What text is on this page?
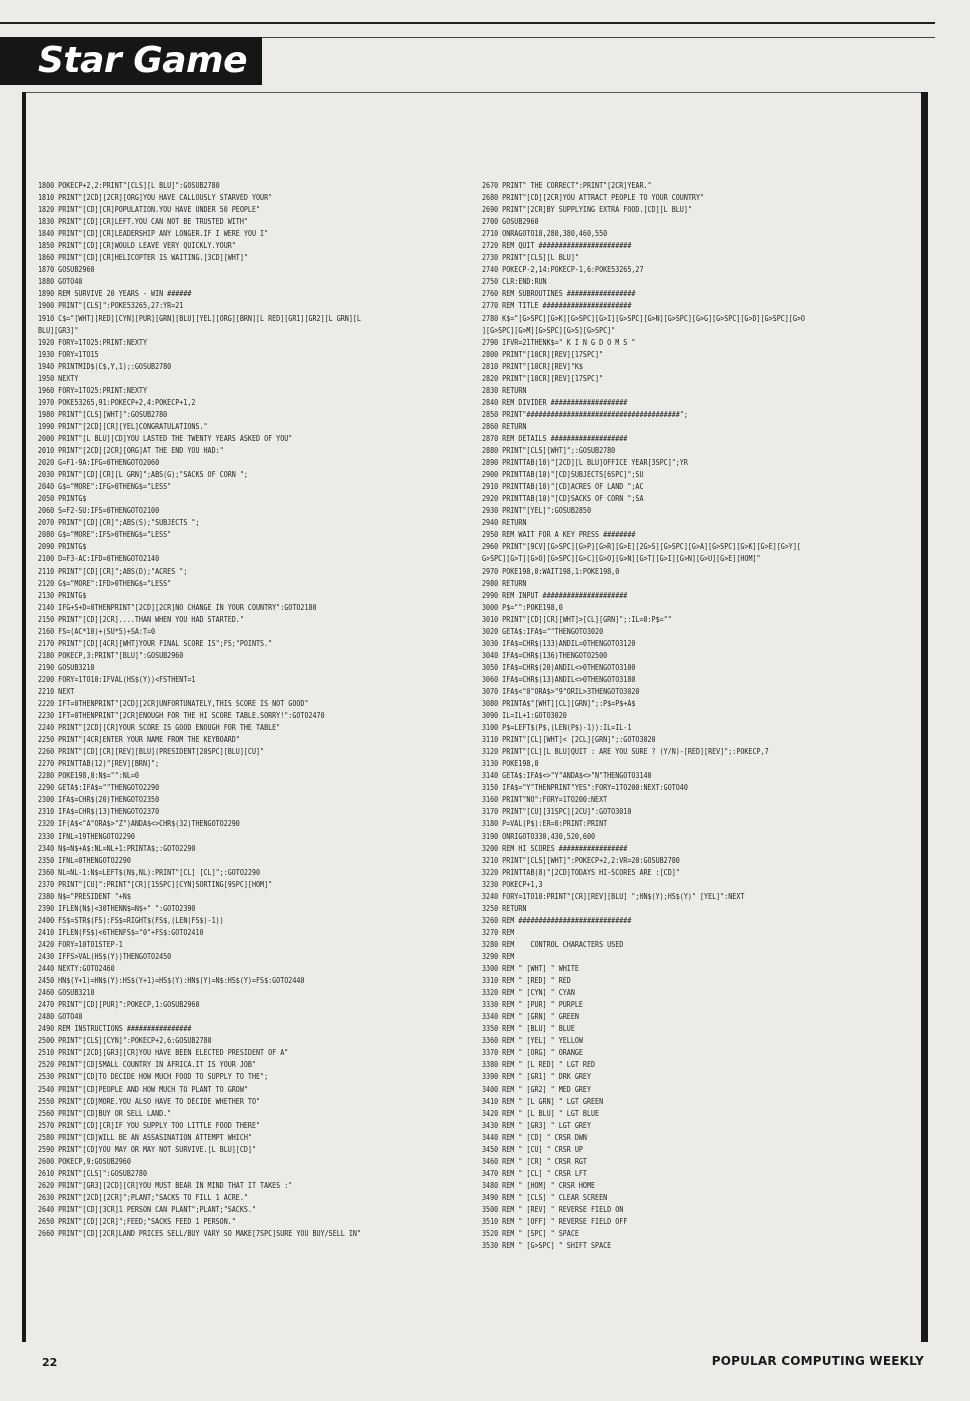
Star Game
1800 POKECP+2,2:PRINT"[CLS][L BLU]":GOSUB2780
1810 PRINT"[2CD][2CR][ORG]YOU HAVE CALLOUSLY STARVED YOUR"
1820 PRINT"[CD][CR]POPULATION.YOU HAVE UNDER 50 PEOPLE"
1830 PRINT"[CD][CR]LEFT.YOU CAN NOT BE TRUSTED WITH"
1840 PRINT"[CD][CR]LEADERSHIP ANY LONGER.IF I WERE YOU I"
1850 PRINT"[CD][CR]WOULD LEAVE VERY QUICKLY.YOUR"
1860 PRINT"[CD][CR]HELICOPTER IS WAITING.[3CD][WHT]"
1870 GOSUB2960
1880 GOTO40
1890 REM SURVIVE 20 YEARS - WIN ######
1900 PRINT"[CLS]":POKE53265,27:YR=21
1910 C$="[WHT][RED][CYN][PUR][GRN][BLU][YEL][ORG][BRN][L RED][GR1][GR2][L GRN][L
BLU][GR3]"
1920 FORY=1TO25:PRINT:NEXTY
1930 FORY=1TO15
1940 PRINTMID$(C$,Y,1);:GOSUB2780
1950 NEXTY
1960 FORY=1TO25:PRINT:NEXTY
1970 POKE53265,91:POKECP+2,4:POKECP+1,2
1980 PRINT"[CLS][WHT]":GOSUB2780
1990 PRINT"[2CD][CR][YEL]CONGRATULATIONS."
2000 PRINT"[L BLU][CD]YOU LASTED THE TWENTY YEARS ASKED OF YOU"
2010 PRINT"[2CD][2CR][ORG]AT THE END YOU HAD:"
2020 G=F1-9A:IFG=0THENGOTO2060
2030 PRINT"[CD][CR][L GRN]";ABS(G);"SACKS OF CORN ";
2040 G$="MORE":IFG>0THENG$="LESS"
2050 PRINTG$
2060 S=F2-SU:IFS=0THENGOTO2100
2070 PRINT"[CD][CR]";ABS(S);"SUBJECTS ";
2080 G$="MORE":IFS>0THENG$="LESS"
2090 PRINTG$
2100 D=F3-AC:IFD=0THENGOTO2140
2110 PRINT"[CD][CR]";ABS(D);"ACRES ";
2120 G$="MORE":IFD>0THENG$="LESS"
2130 PRINTG$
2140 IFG+S+D=0THENPRINT"[2CD][2CR]NO CHANGE IN YOUR COUNTRY":GOTO2180
2150 PRINT"[CD][2CR]....THAN WHEN YOU HAD STARTED."
2160 FS=(AC*10)+(SU*5)+SA:T=0
2170 PRINT"[CD][4CR][WHT]YOUR FINAL SCORE IS";FS;"POINTS."
2180 POKECP,3:PRINT"[BLU]":GOSUB2960
2190 GOSUB3210
2200 FORY=1TO10:IFVAL(HS$(Y))<FSTHENT=1
2210 NEXT
2220 IFT=0THENPRINT"[2CD][2CR]UNFORTUNATELY,THIS SCORE IS NOT GOOD"
2230 IFT=0THENPRINT"[2CR]ENOUGH FOR THE HI SCORE TABLE.SORRY!":GOTO2470
2240 PRINT"[2CD][CR]YOUR SCORE IS GOOD ENOUGH FOR THE TABLE"
2250 PRINT"[4CR]ENTER YOUR NAME FROM THE KEYBOARD"
2260 PRINT"[CD][CR][REV][BLU](PRESIDENT[20SPC][BLU][CU]"
2270 PRINTTAB(12)"[REV][BRN]";
2280 POKE198,0:N$="":NL=0
2290 GETA$:IFA$=""THENGOTO2290
2300 IFA$=CHR$(20)THENGOTO2350
2310 IFA$=CHR$(13)THENGOTO2370
2320 IF(A$<"A"ORA$>"Z")ANDA$<>CHR$(32)THENGOTO2290
2330 IFNL=19THENGOTO2290
2340 N$=N$+A$:NL=NL+1:PRINTA$;:GOTO2290
2350 IFNL=0THENGOTO2290
2360 NL=NL-1:N$=LEFT$(N$,NL):PRINT"[CL] [CL]";:GOTO2290
2370 PRINT"[CU]":PRINT"[CR][15SPC][CYN]SORTING[9SPC][HOM]"
2380 N$="PRESIDENT "+N$
2390 IFLEN(N$)<30THENN$=N$+" ":GOTO2390
2400 FS$=STR$(FS):FS$=RIGHT$(FS$,(LEN(FS$)-1))
2410 IFLEN(FS$)<6THENFS$="0"+FS$:GOTO2410
2420 FORY=10TO1STEP-1
2430 IFFS>VAL(HS$(Y))THENGOTO2450
2440 NEXTY:GOTO2460
2450 HN$(Y+1)=HN$(Y):HS$(Y+1)=HS$(Y):HN$(Y)=N$:HS$(Y)=FS$:GOTO2440
2460 GOSUB3210
2470 PRINT"[CD][PUR]":POKECP,1:GOSUB2960
2480 GOTO40
2490 REM INSTRUCTIONS ################
2500 PRINT"[CLS][CYN]":POKECP+2,6:GOSUB2780
2510 PRINT"[2CD][GR3][CR]YOU HAVE BEEN ELECTED PRESIDENT OF A"
2520 PRINT"[CD]SMALL COUNTRY IN AFRICA.IT IS YOUR JOB"
2530 PRINT"[CD]TO DECIDE HOW MUCH FOOD TO SUPPLY TO THE";
2540 PRINT"[CD]PEOPLE AND HOW MUCH TO PLANT TO GROW"
2550 PRINT"[CD]MORE.YOU ALSO HAVE TO DECIDE WHETHER TO"
2560 PRINT"[CD]BUY OR SELL LAND."
2570 PRINT"[CD][CR]IF YOU SUPPLY TOO LITTLE FOOD THERE"
2580 PRINT"[CD]WILL BE AN ASSASINATION ATTEMPT WHICH"
2590 PRINT"[CD]YOU MAY OR MAY NOT SURVIVE.[L BLU][CD]"
2600 POKECP,9:GOSUB2960
2610 PRINT"[CLS]":GOSUB2780
2620 PRINT"[GR3][2CD][CR]YOU MUST BEAR IN MIND THAT IT TAKES :"
2630 PRINT"[2CD][2CR]";PLANT;"SACKS TO FILL 1 ACRE."
2640 PRINT"[CD][3CR]1 PERSON CAN PLANT";PLANT;"SACKS."
2650 PRINT"[CD][2CR]";FEED;"SACKS FEED 1 PERSON."
2660 PRINT"[CD][2CR]LAND PRICES SELL/BUY VARY SO MAKE[7SPC]SURE YOU BUY/SELL IN"
2670 PRINT" THE CORRECT":PRINT"[2CR]YEAR."
2680 PRINT"[CD][2CR]YOU ATTRACT PEOPLE TO YOUR COUNTRY"
2690 PRINT"[2CR]BY SUPPLYING EXTRA FOOD.[CD][L BLU]"
2700 GOSUB2960
2710 ONRAGOTO10,280,380,460,550
2720 REM QUIT #######################
2730 PRINT"[CLS][L BLU]"
2740 POKECP-2,14:POKECP-1,6:POKE53265,27
2750 CLR:END:RUN
2760 REM SUBROUTINES #################
2770 REM TITLE ######################
2780 K$="[G>SPC][G>K][G>SPC][G>I][G>SPC][G>N][G>SPC][G>G][G>SPC][G>D][G>SPC][G>O
][G>SPC][G>M][G>SPC][G>S][G>SPC]"
2790 IFVR=21THENK$=" K I N G D O M S "
2800 PRINT"[10CR][REV][17SPC]"
2810 PRINT"[10CR][REV]"K$
2820 PRINT"[10CR][REV][17SPC]"
2830 RETURN
2840 REM DIVIDER ###################
2850 PRINT"######################################";
2860 RETURN
2870 REM DETAILS ###################
2880 PRINT"[CLS][WHT]";:GOSUB2780
2890 PRINTTAB(10)"[2CD][L BLU]OFFICE YEAR[3SPC]";YR
2900 PRINTTAB(10)"[CD]SUBJECTS[6SPC]";SU
2910 PRINTTAB(10)"[CD]ACRES OF LAND ";AC
2920 PRINTTAB(10)"[CD]SACKS OF CORN ";SA
2930 PRINT"[YEL]":GOSUB2850
2940 RETURN
2950 REM WAIT FOR A KEY PRESS ########
2960 PRINT"[9CV][G>SPC][G>P][G>R][G>E][2G>S][G>SPC][G>A][G>SPC][G>K][G>E][G>Y][
G>SPC][G>T][G>O][G>SPC][G>C][G>O][G>N][G>T][G>I][G>N][G>U][G>E][HOM]"
2970 POKE198,0:WAIT198,1:POKE198,0
2980 RETURN
2990 REM INPUT #####################
3000 P$="":POKE198,0
3010 PRINT"[CD][CR][WHT]>[CL][GRN]";:IL=0:P$=""
3020 GETA$:IFA$=""THENGOTO3020
3030 IFA$=CHR$(133)ANDIL=0THENGOTO3120
3040 IFA$=CHR$(136)THENGOTO2500
3050 IFA$=CHR$(20)ANDIL<>0THENGOTO3100
3060 IFA$=CHR$(13)ANDIL<>0THENGOTO3180
3070 IFA$<"0"ORA$>"9"ORIL>3THENGOTO3020
3080 PRINTA$"[WHT][CL][GRN]";:P$=P$+A$
3090 IL=IL+1:GOTO3020
3100 P$=LEFT$(P$,(LEN(P$)-1)):IL=IL-1
3110 PRINT"[CL][WHT]< [2CL][GRN]";:GOTO3020
3120 PRINT"[CL][L BLU]QUIT : ARE YOU SURE ? (Y/N)-[RED][REV]";:POKECP,7
3130 POKE198,0
3140 GETA$:IFA$<>"Y"ANDA$<>"N"THENGOTO3140
3150 IFA$="Y"THENPRINT"YES":FORY=1TO200:NEXT:GOTO40
3160 PRINT"NO":FORY=1TO200:NEXT
3170 PRINT"[CU][31SPC][2CU]":GOTO3010
3180 P=VAL(P$):ER=0:PRINT:PRINT
3190 ONRIGOTO330,430,520,600
3200 REM HI SCORES #################
3210 PRINT"[CLS][WHT]":POKECP+2,2:VR=20:GOSUB2780
3220 PRINTTAB(8)"[2CD]TODAYS HI-SCORES ARE :[CD]"
3230 POKECP+1,3
3240 FORY=1TO10:PRINT"[CR][REV][BLU] ";HN$(Y);HS$(Y)" [YEL]":NEXT
3250 RETURN
3260 REM ############################
3270 REM
3280 REM    CONTROL CHARACTERS USED
3290 REM
3300 REM " [WHT] " WHITE
3310 REM " [RED] " RED
3320 REM " [CYN] " CYAN
3330 REM " [PUR] " PURPLE
3340 REM " [GRN] " GREEN
3350 REM " [BLU] " BLUE
3360 REM " [YEL] " YELLOW
3370 REM " [ORG] " ORANGE
3380 REM " [L RED] " LGT RED
3390 REM " [GR1] " DRK GREY
3400 REM " [GR2] " MED GREY
3410 REM " [L GRN] " LGT GREEN
3420 REM " [L BLU] " LGT BLUE
3430 REM " [GR3] " LGT GREY
3440 REM " [CD] " CRSR DWN
3450 REM " [CU] " CRSR UP
3460 REM " [CR] " CRSR RGT
3470 REM " [CL] " CRSR LFT
3480 REM " [HOM] " CRSR HOME
3490 REM " [CLS] " CLEAR SCREEN
3500 REM " [REV] " REVERSE FIELD ON
3510 REM " [OFF] " REVERSE FIELD OFF
3520 REM " [SPC] " SPACE
3530 REM " [G>SPC] " SHIFT SPACE
22	POPULAR COMPUTING WEEKLY
